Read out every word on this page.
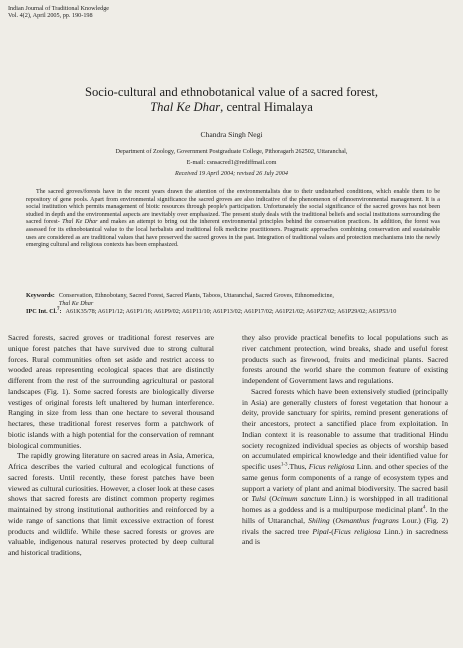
Indian Journal of Traditional Knowledge
Vol. 4(2), April 2005, pp. 190-198
Socio-cultural and ethnobotanical value of a sacred forest,
Thal Ke Dhar, central Himalaya
Chandra Singh Negi
Department of Zoology, Government Postgraduate College, Pithoragarh 262502, Uttaranchal,
E-mail: csnsacred1@rediffmail.com
Received 19 April 2004; revised 26 July 2004
The sacred groves/forests have in the recent years drawn the attention of the environmentalists due to their undisturbed conditions, which enable them to be repository of gene pools. Apart from environmental significance the sacred groves are also indicative of the phenomenon of ethnoenvironmental management. It is a social institution which permits management of biotic resources through people's participation. Unfortunately the social significance of the sacred groves has not been studied in depth and the environmental aspects are inevitably over emphasized. The present study deals with the traditional beliefs and social institutions surrounding the sacred forest- Thal Ke Dhar and makes an attempt to bring out the inherent environmental principles behind the conservation practices. In addition, the forest was assessed for its ethnobotanical value to the local herbalists and traditional folk medicine practitioners. Pragmatic approaches combining conservation and sustainable uses are considered as are traditional values that have preserved the sacred groves in the past. Integration of traditional values and protection mechanisms into the newly emerging cultural and religious contexts has been emphasized.
Keywords: Conservation, Ethnobotany, Sacred Forest, Sacred Plants, Taboos, Uttaranchal, Sacred Groves, Ethnomedicine,
Thal Ke Dhar
IPC Int. Cl.$^7$: A61K35/78; A61P1/12; A61P1/16; A61P9/02; A61P11/10; A61P13/02; A61P17/02; A61P21/02; A61P27/02; A61P29/02; A61P53/10

Sacred forests, sacred groves or traditional forest reserves are unique forest patches that have survived due to strong cultural forces. Rural communities often set aside and restrict access to wooded areas representing ecological spaces that are distinctly different from the rest of the surrounding agricultural or pastoral landscapes (Fig. 1). Some sacred forests are biologically diverse vestiges of original forests left unaltered by human interference. Ranging in size from less than one hectare to several thousand hectares, these traditional forest reserves form a patchwork of biotic islands with a high potential for the conservation of remnant biological communities.

The rapidly growing literature on sacred areas in Asia, America, Africa describes the varied cultural and ecological functions of sacred forests. Until recently, these forest patches have been viewed as cultural curiosities. However, a closer look at these cases shows that sacred forests are distinct common property regimes maintained by strong institutional authorities and reinforced by a wide range of sanctions that limit excessive extraction of forest products and wildlife. While these sacred forests or groves are valuable, indigenous natural reserves protected by deep cultural and historical traditions,

they also provide practical benefits to local populations such as river catchment protection, wind breaks, shade and useful forest products such as firewood, fruits and medicinal plants. Sacred forests around the world share the common feature of existing independent of Government laws and regulations.

Sacred forests which have been extensively studied (principally in Asia) are generally clusters of forest vegetation that honour a deity, provide sanctuary for spirits, remind present generations of their ancestors, protect a sanctified place from exploitation. In Indian context it is reasonable to assume that traditional Hindu society recognized individual species as objects of worship based on accumulated empirical knowledge and their identified value for specific uses$^{1-3}$.Thus, Ficus religiosa Linn. and other species of the same genus form components of a range of ecosystem types and support a variety of plant and animal biodiversity. The sacred basil or Tulsi (Ocimum sanctum Linn.) is worshipped in all traditional homes as a goddess and is a multipurpose medicinal plant$^4$. In the hills of Uttaranchal, Shiling (Osmanthus fragrans Lour.) (Fig. 2) rivals the sacred tree Pipal-(Ficus religiosa Linn.) in sacredness and is
